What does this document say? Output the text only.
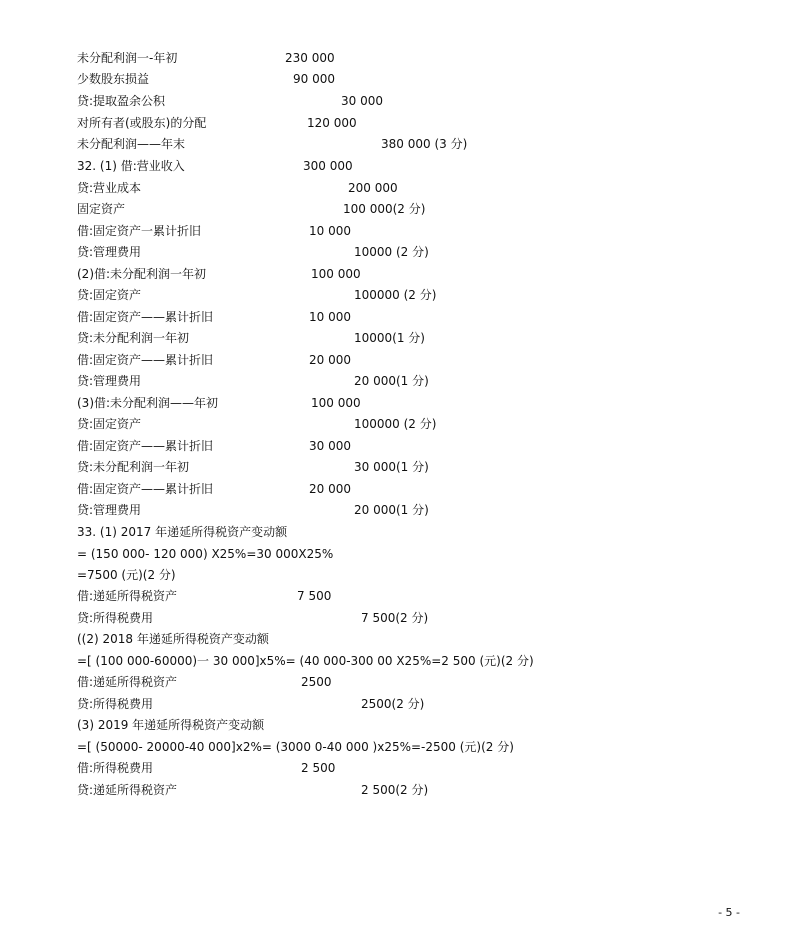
未分配利润一-年初	230 000
少数股东损益	90 000
贷:提取盈余公积	30 000
对所有者(或股东)的分配	120 000
未分配利润——年末	380 000 (3 分)
32. (1) 借:营业收入	300 000
贷:营业成本	200 000
固定资产	100 000(2 分)
借:固定资产一累计折旧	10 000
贷:管理费用	10000 (2 分)
(2)借:未分配利润一年初	100 000
贷:固定资产	100000 (2 分)
借:固定资产——累计折旧	10 000
贷:未分配利润一年初	10000(1 分)
借:固定资产——累计折旧	20 000
贷:管理费用	20 000(1 分)
(3)借:未分配利润——年初	100 000
贷:固定资产	100000 (2 分)
借:固定资产——累计折旧	30 000
贷:未分配利润一年初	30 000(1 分)
借:固定资产——累计折旧	20 000
贷:管理费用	20 000(1 分)
33. (1) 2017 年递延所得税资产变动额
= (150 000- 120 000) X25%=30 000X25%
=7500 (元)(2 分)
借:递延所得税资产	7 500
贷:所得税费用	7 500(2 分)
((2) 2018 年递延所得税资产变动额
=[ (100 000-60000)一 30 000]x5%= (40 000-300 00 X25%=2 500 (元)(2 分)
借:递延所得税资产	2500
贷:所得税费用	2500(2 分)
(3) 2019 年递延所得税资产变动额
=[ (50000- 20000-40 000]x2%= (3000 0-40 000 )x25%=-2500 (元)(2 分)
借:所得税费用	2 500
贷:递延所得税资产	2 500(2 分)
- 5 -
